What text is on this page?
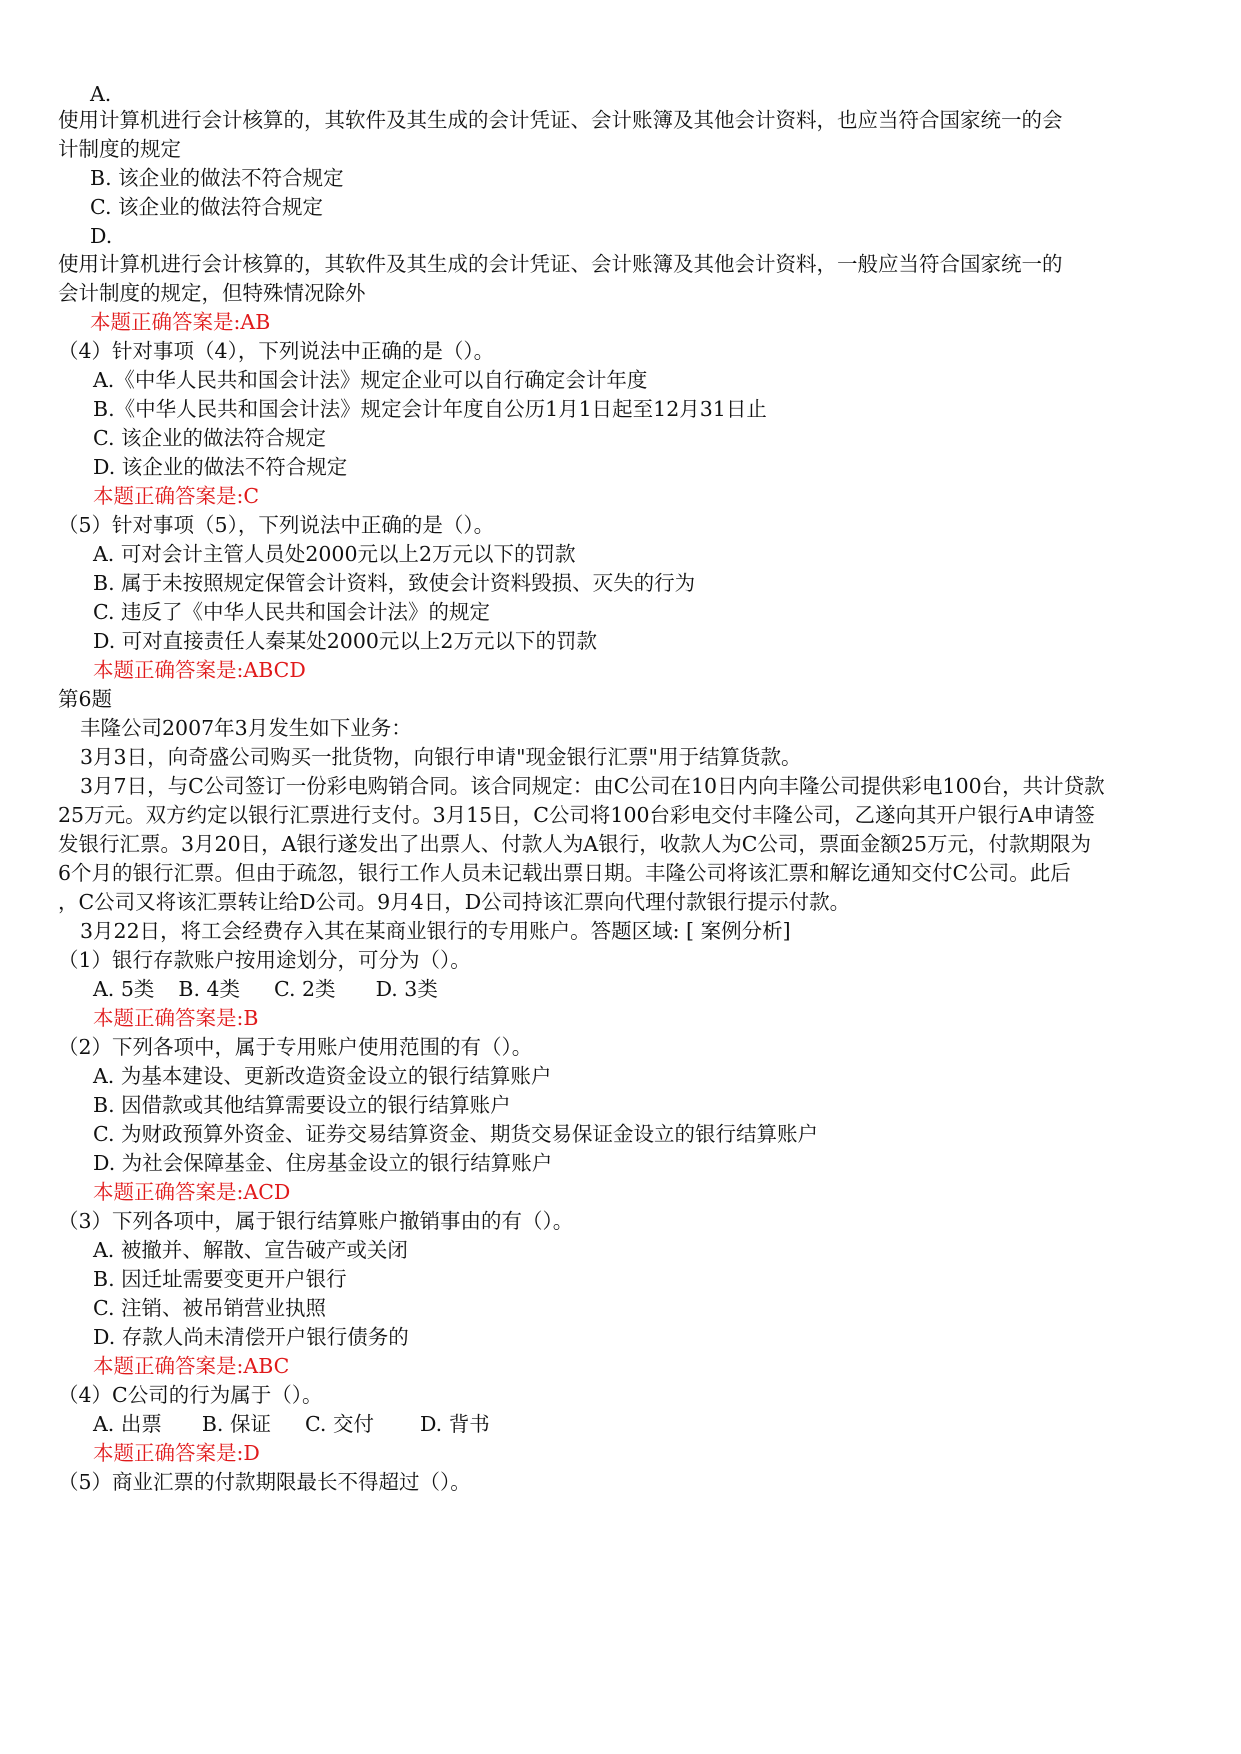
A.
使用计算机进行会计核算的，其软件及其生成的会计凭证、会计账簿及其他会计资料，也应当符合国家统一的会
计制度的规定
B. 该企业的做法不符合规定
C. 该企业的做法符合规定
D.
使用计算机进行会计核算的，其软件及其生成的会计凭证、会计账簿及其他会计资料，一般应当符合国家统一的
会计制度的规定，但特殊情况除外
本题正确答案是:AB
（4）针对事项（4），下列说法中正确的是（）。
A.《中华人民共和国会计法》规定企业可以自行确定会计年度
B.《中华人民共和国会计法》规定会计年度自公历1月1日起至12月31日止
C. 该企业的做法符合规定
D. 该企业的做法不符合规定
本题正确答案是:C
（5）针对事项（5），下列说法中正确的是（）。
A. 可对会计主管人员处2000元以上2万元以下的罚款
B. 属于未按照规定保管会计资料，致使会计资料毁损、灭失的行为
C. 违反了《中华人民共和国会计法》的规定
D. 可对直接责任人秦某处2000元以上2万元以下的罚款
本题正确答案是:ABCD
第6题
丰隆公司2007年3月发生如下业务：
3月3日，向奇盛公司购买一批货物，向银行申请"现金银行汇票"用于结算货款。
3月7日，与C公司签订一份彩电购销合同。该合同规定：由C公司在10日内向丰隆公司提供彩电100台，共计贷款
25万元。双方约定以银行汇票进行支付。3月15日，C公司将100台彩电交付丰隆公司，乙遂向其开户银行A申请签
发银行汇票。3月20日，A银行遂发出了出票人、付款人为A银行，收款人为C公司，票面金额25万元，付款期限为
6个月的银行汇票。但由于疏忽，银行工作人员未记载出票日期。丰隆公司将该汇票和解讫通知交付C公司。此后
，C公司又将该汇票转让给D公司。9月4日，D公司持该汇票向代理付款银行提示付款。
3月22日，将工会经费存入其在某商业银行的专用账户。答题区域: [ 案例分析]
（1）银行存款账户按用途划分，可分为（）。
A. 5类 B. 4类 C. 2类 D. 3类
本题正确答案是:B
（2）下列各项中，属于专用账户使用范围的有（）。
A. 为基本建设、更新改造资金设立的银行结算账户
B. 因借款或其他结算需要设立的银行结算账户
C. 为财政预算外资金、证券交易结算资金、期货交易保证金设立的银行结算账户
D. 为社会保障基金、住房基金设立的银行结算账户
本题正确答案是:ACD
（3）下列各项中，属于银行结算账户撤销事由的有（）。
A. 被撤并、解散、宣告破产或关闭
B. 因迁址需要变更开户银行
C. 注销、被吊销营业执照
D. 存款人尚未清偿开户银行债务的
本题正确答案是:ABC
（4）C公司的行为属于（）。
A. 出票 B. 保证 C. 交付 D. 背书
本题正确答案是:D
（5）商业汇票的付款期限最长不得超过（）。
